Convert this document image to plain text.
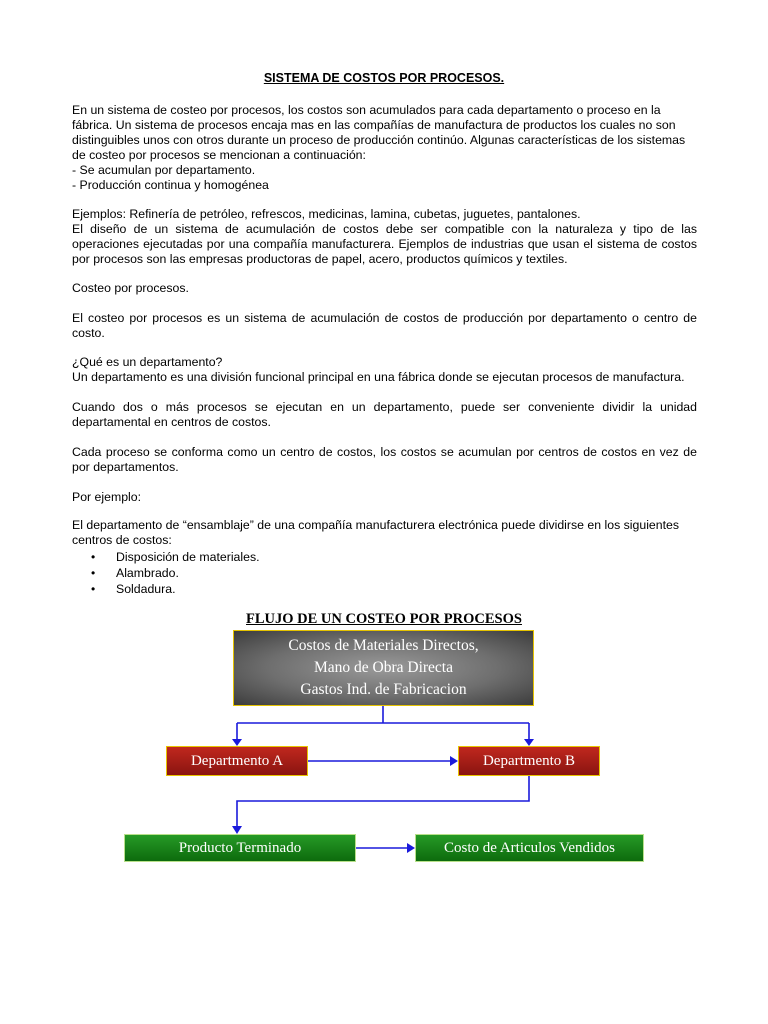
SISTEMA DE COSTOS POR PROCESOS.

En un sistema de costeo por procesos, los costos son acumulados para cada departamento o proceso en la fábrica. Un sistema de procesos encaja mas en las compañías de manufactura de productos los cuales no son distinguibles unos con otros durante un proceso de producción continúo. Algunas características de los sistemas de costeo por procesos se mencionan a continuación:

- Se acumulan por departamento.

- Producción continua y homogénea

Ejemplos: Refinería de petróleo, refrescos, medicinas, lamina, cubetas, juguetes, pantalones.

El diseño de un sistema de acumulación de costos debe ser compatible con la naturaleza y tipo de las operaciones ejecutadas por una compañía manufacturera. Ejemplos de industrias que usan el sistema de costos por procesos son las empresas productoras de papel, acero, productos químicos y textiles.

Costeo por procesos.
El costeo por procesos es un sistema de acumulación de costos de producción por departamento o centro de costo.

¿Qué es un departamento?

Un departamento es una división funcional principal en una fábrica donde se ejecutan procesos de manufactura.

Cuando dos o más procesos se ejecutan en un departamento, puede ser conveniente dividir la unidad departamental en centros de costos.
Cada proceso se conforma como un centro de costos, los costos se acumulan por centros de costos en vez de por departamentos.
Por ejemplo:
El departamento de “ensamblaje” de una compañía manufacturera electrónica puede dividirse en los siguientes centros de costos:
• Disposición de materiales.
• Alambrado.
• Soldadura.
FLUJO DE UN COSTEO POR PROCESOS
Costos de Materiales Directos,
Mano de Obra Directa
Gastos Ind. de Fabricacion
Departmento A	Departmento B
Producto Terminado	Costo de Articulos Vendidos
